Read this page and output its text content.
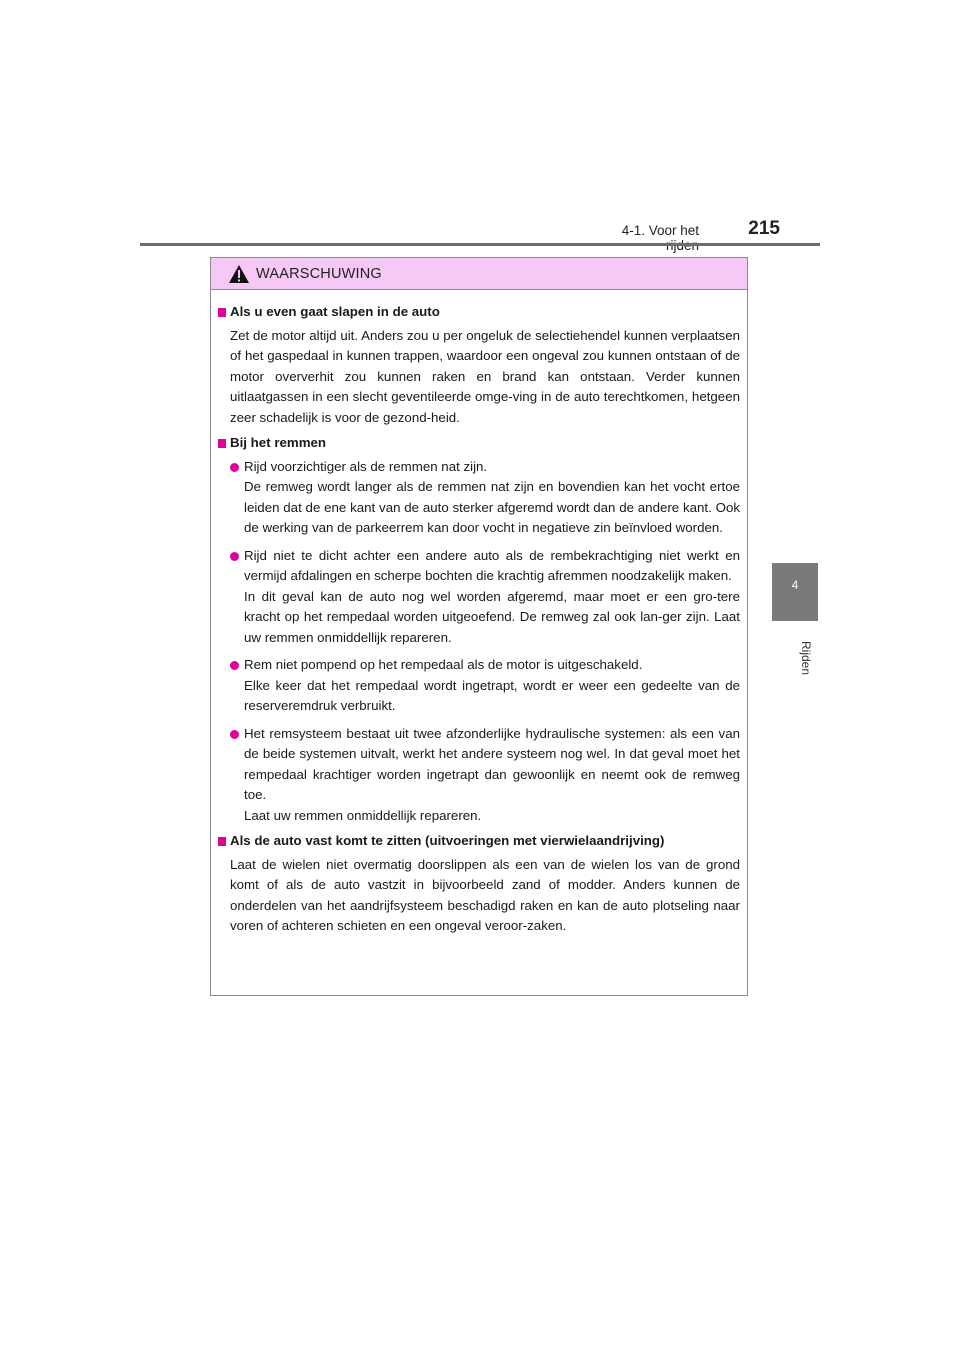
4-1. Voor het	215
4
Rijden
WAARSCHUWING
Als u even gaat slapen in de auto
Zet de motor altijd uit. Anders zou u per ongeluk de selectiehendel kunnen verplaatsen of het gaspedaal in kunnen trappen, waardoor een ongeval zou kunnen ontstaan of de motor oververhit zou kunnen raken en brand kan ontstaan. Verder kunnen uitlaatgassen in een slecht geventileerde omge-ving in de auto terechtkomen, hetgeen zeer schadelijk is voor de gezond-heid.
Bij het remmen
Rijd voorzichtiger als de remmen nat zijn.
De remweg wordt langer als de remmen nat zijn en bovendien kan het vocht ertoe leiden dat de ene kant van de auto sterker afgeremd wordt dan de andere kant. Ook de werking van de parkeerrem kan door vocht in negatieve zin beïnvloed worden.
Rijd niet te dicht achter een andere auto als de rembekrachtiging niet werkt en vermijd afdalingen en scherpe bochten die krachtig afremmen noodzakelijk maken.
In dit geval kan de auto nog wel worden afgeremd, maar moet er een gro-tere kracht op het rempedaal worden uitgeoefend. De remweg zal ook lan-ger zijn. Laat uw remmen onmiddellijk repareren.
Rem niet pompend op het rempedaal als de motor is uitgeschakeld.
Elke keer dat het rempedaal wordt ingetrapt, wordt er weer een gedeelte van de reserveremdruk verbruikt.
Het remsysteem bestaat uit twee afzonderlijke hydraulische systemen: als een van de beide systemen uitvalt, werkt het andere systeem nog wel. In dat geval moet het rempedaal krachtiger worden ingetrapt dan gewoonlijk en neemt ook de remweg toe.
Laat uw remmen onmiddellijk repareren.
Als de auto vast komt te zitten (uitvoeringen met vierwielaandrijving)
Laat de wielen niet overmatig doorslippen als een van de wielen los van de grond komt of als de auto vastzit in bijvoorbeeld zand of modder. Anders kunnen de onderdelen van het aandrijfsysteem beschadigd raken en kan de auto plotseling naar voren of achteren schieten en een ongeval veroor-zaken.
